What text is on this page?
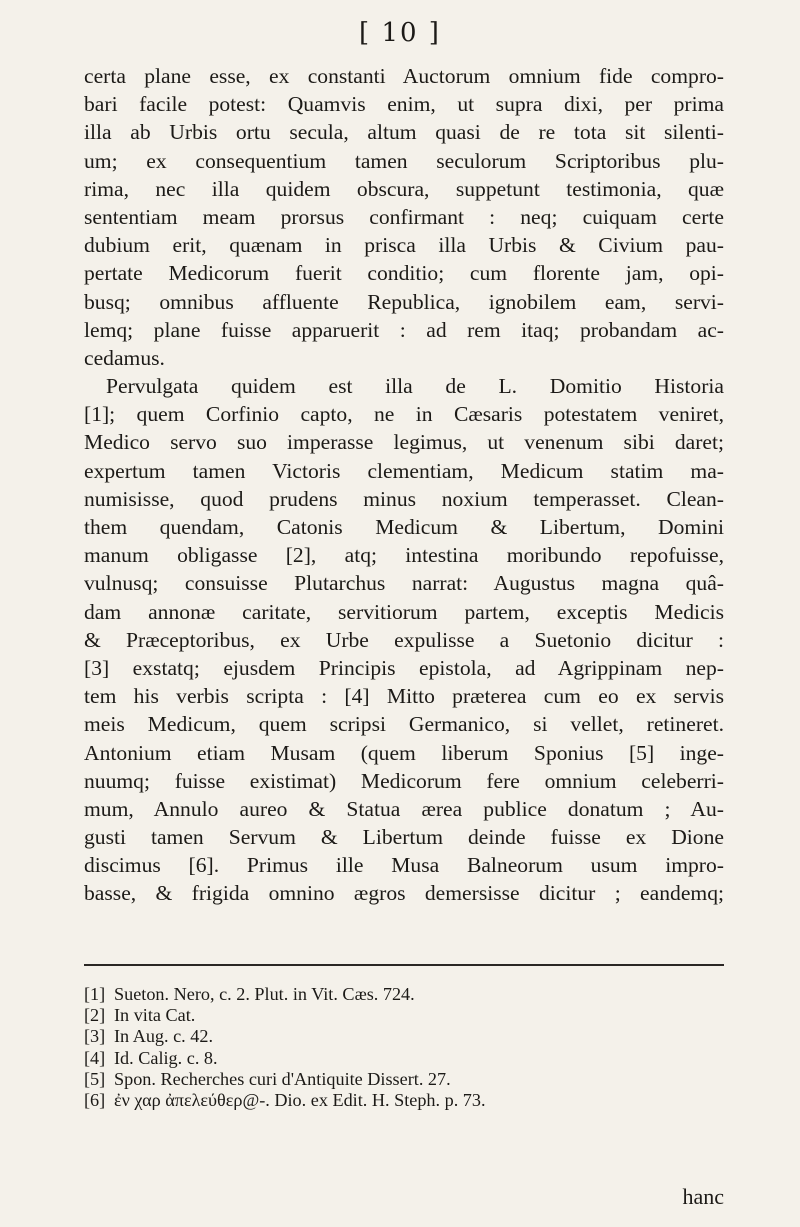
[ 10 ]
certa plane esse, ex constanti Auctorum omnium fide compro-
bari facile potest: Quamvis enim, ut supra dixi, per prima
illa ab Urbis ortu secula, altum quasi de re tota sit silenti-
um; ex consequentium tamen seculorum Scriptoribus plu-
rima, nec illa quidem obscura, suppetunt testimonia, quæ
sententiam meam prorsus confirmant : neq; cuiquam certe
dubium erit, quænam in prisca illa Urbis & Civium pau-
pertate Medicorum fuerit conditio; cum florente jam, opi-
busq; omnibus affluente Republica, ignobilem eam, servi-
lemq; plane fuisse apparuerit : ad rem itaq; probandam ac-
cedamus.
Pervulgata quidem est illa de L. Domitio Historia
[1]; quem Corfinio capto, ne in Cæsaris potestatem veniret,
Medico servo suo imperasse legimus, ut venenum sibi daret;
expertum tamen Victoris clementiam, Medicum statim ma-
numisisse, quod prudens minus noxium temperasset. Clean-
them quendam, Catonis Medicum & Libertum, Domini
manum obligasse [2], atq; intestina moribundo repofuisse,
vulnusq; consuisse Plutarchus narrat: Augustus magna quâ-
dam annonæ caritate, servitiorum partem, exceptis Medicis
& Præceptoribus, ex Urbe expulisse a Suetonio dicitur :
[3] exstatq; ejusdem Principis epistola, ad Agrippinam nep-
tem his verbis scripta : [4] Mitto præterea cum eo ex servis
meis Medicum, quem scripsi Germanico, si vellet, retineret.
Antonium etiam Musam (quem liberum Sponius [5] inge-
nuumq; fuisse existimat) Medicorum fere omnium celeberri-
mum, Annulo aureo & Statua ærea publice donatum ; Au-
gusti tamen Servum & Libertum deinde fuisse ex Dione
discimus [6]. Primus ille Musa Balneorum usum impro-
basse, & frigida omnino ægros demersisse dicitur ; eandemq;
[1] Sueton. Nero, c. 2. Plut. in Vit. Cæs. 724.
[2] In vita Cat.
[3] In Aug. c. 42.
[4] Id. Calig. c. 8.
[5] Spon. Recherches curi d'Antiquite Dissert. 27.
[6] ἐν χαρ ἀπελεύθερ@-. Dio. ex Edit. H. Steph. p. 73.
hanc
